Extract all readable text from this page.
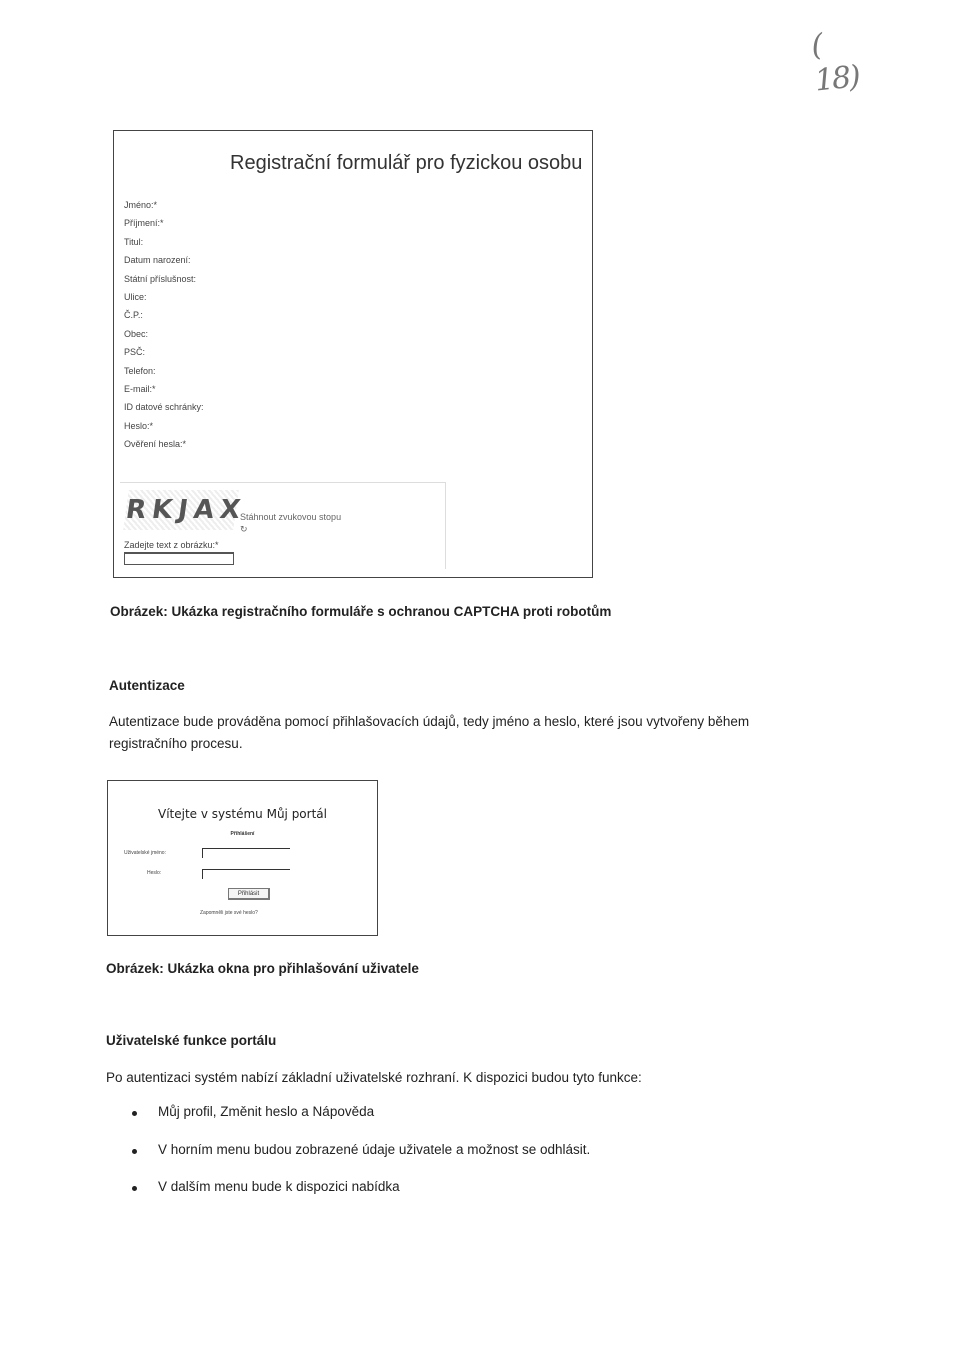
( 18)
Registrační formulář pro fyzickou osobu
Jméno:*
Příjmení:*
Titul:
Datum narození:
Státní příslušnost:
Ulice:
Č.P.:
Obec:
PSČ:
Telefon:
E-mail:*
ID datové schránky:
Heslo:*
Ověření hesla:*
RKJAX
Stáhnout zvukovou stopu
↻
Zadejte text z obrázku:*
Obrázek: Ukázka registračního formuláře s ochranou CAPTCHA proti robotům
Autentizace
Autentizace bude prováděna pomocí přihlašovacích údajů, tedy jméno a heslo, které jsou vytvořeny během registračního procesu.
Vítejte v systému Můj portál
Přihlášení
Uživatelské jméno:
Heslo:
Přihlásit
Zapomněli jste své heslo?
Obrázek: Ukázka okna pro přihlašování uživatele
Uživatelské funkce portálu
Po autentizaci systém nabízí základní uživatelské rozhraní. K dispozici budou tyto funkce:
Můj profil, Změnit heslo a Nápověda
V horním menu budou zobrazené údaje uživatele a možnost se odhlásit.
V dalším menu bude k dispozici nabídka
